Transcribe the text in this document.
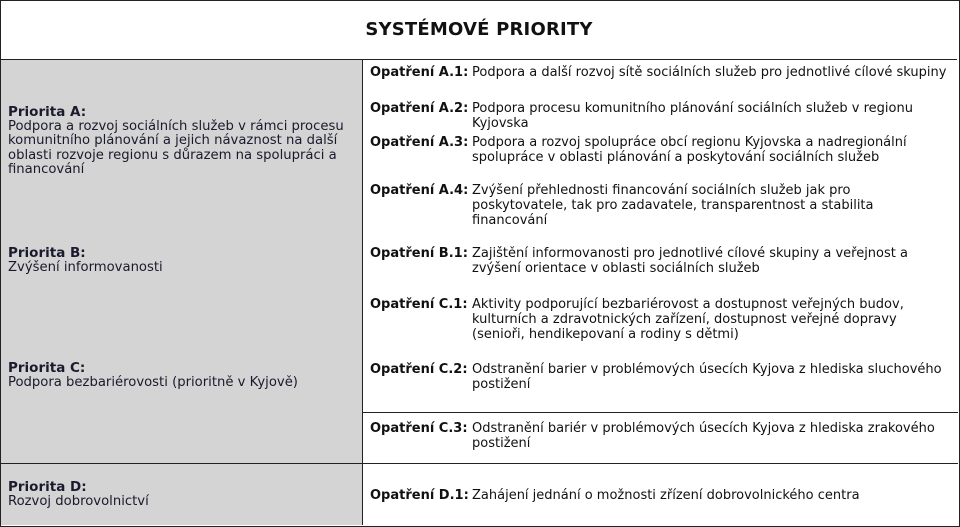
SYSTÉMOVÉ PRIORITY
Priorita A:
Podpora a rozvoj sociálních služeb v rámci procesu komunitního plánování a jejich návaznost na další oblasti rozvoje regionu s důrazem na spolupráci a financování
Priorita B:
Zvýšení informovanosti
Priorita C:
Podpora bezbariérovosti (prioritně v Kyjově)
Priorita D:
Rozvoj dobrovolnictví
Opatření A.1: Podpora a další rozvoj sítě sociálních služeb pro jednotlivé cílové skupiny
Opatření A.2: Podpora procesu komunitního plánování sociálních služeb v regionu Kyjovska
Opatření A.3: Podpora a rozvoj spolupráce obcí regionu Kyjovska a nadregionální spolupráce v oblasti plánování a poskytování sociálních služeb
Opatření A.4: Zvýšení přehlednosti financování sociálních služeb jak pro poskytovatele, tak pro zadavatele, transparentnost a stabilita financování
Opatření B.1: Zajištění informovanosti pro jednotlivé cílové skupiny a veřejnost a zvýšení orientace v oblasti sociálních služeb
Opatření C.1: Aktivity podporující bezbariérovost a dostupnost veřejných budov, kulturních a zdravotnických zařízení, dostupnost veřejné dopravy (senioři, hendikepovaní a rodiny s dětmi)
Opatření C.2: Odstranění barier v problémových úsecích Kyjova z hlediska sluchového postižení
Opatření C.3: Odstranění bariér v problémových úsecích Kyjova z hlediska zrakového postižení
Opatření D.1: Zahájení jednání o možnosti zřízení dobrovolnického centra
